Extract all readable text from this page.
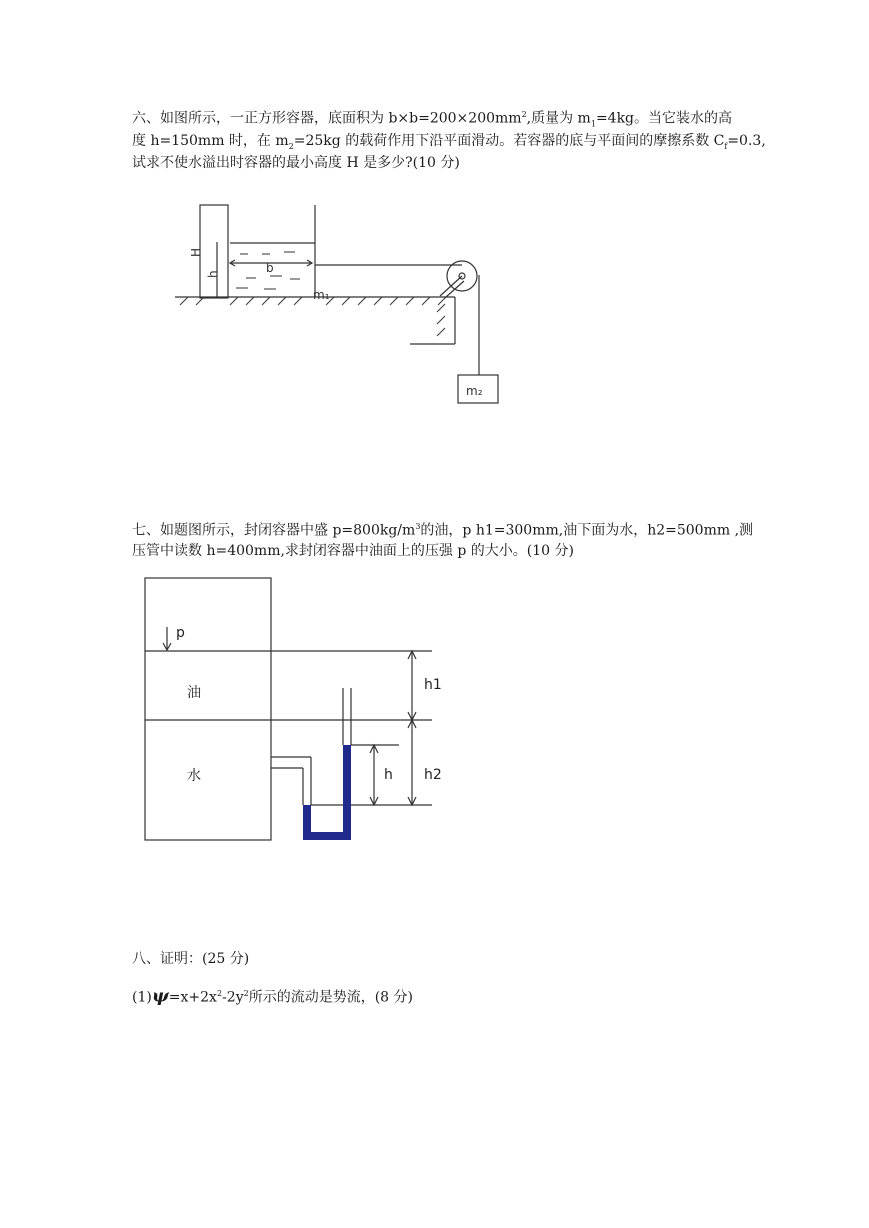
六、如图所示，一正方形容器，底面积为 $b\times b=200\times 200mm^2$,质量为 $m_1=4kg$。当它装水的高
度 h=150mm 时，在 $m_2=25kg$ 的载荷作用下沿平面滑动。若容器的底与平面间的摩擦系数 $C_f=0.3$,
试求不使水溢出时容器的最小高度 H 是多少?(10 分)
H
h	b
m₁
m₂
七、如题图所示，封闭容器中盛 $p=800kg/m^3$的油，p h1=300mm,油下面为水，h2=500mm ,测
压管中读数 h=400mm,求封闭容器中油面上的压强 p 的大小。(10 分)
p
油
水
h1
h2
h
八、证明：(25 分)
$(1)\psi=x+2x^2-2y^2$所示的流动是势流，(8 分)
